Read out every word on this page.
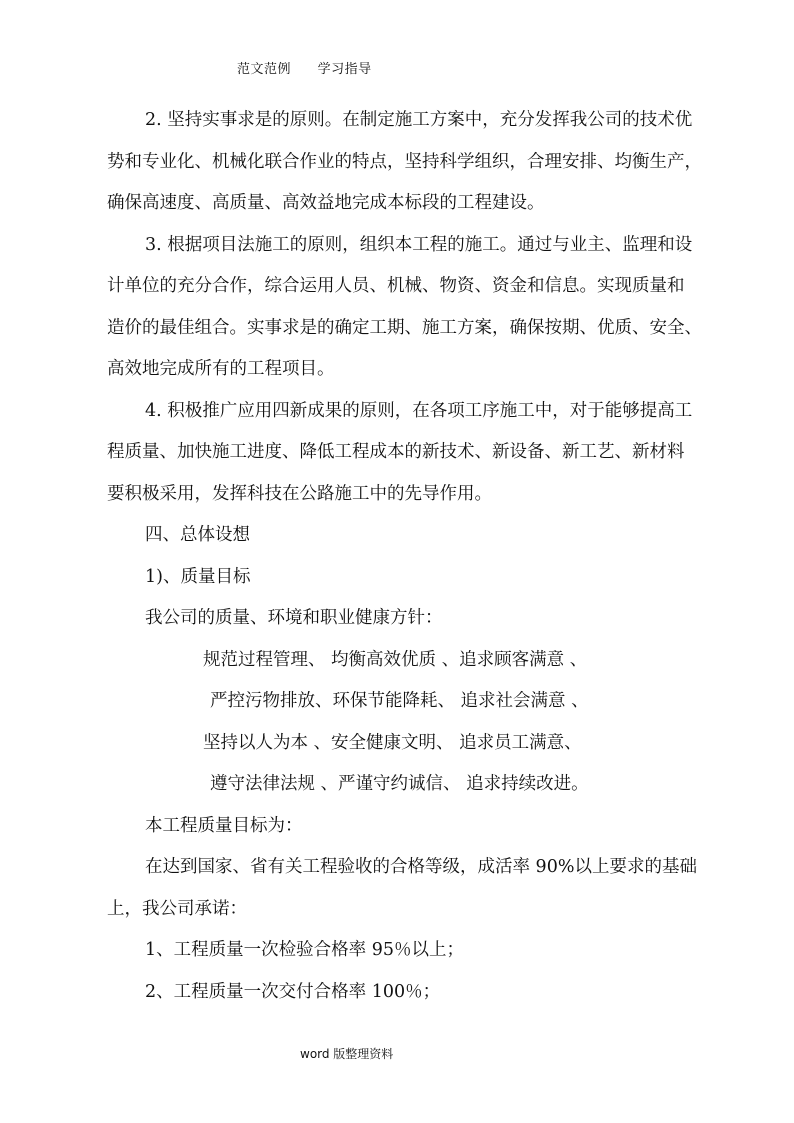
范文范例 学习指导
2. 坚持实事求是的原则。在制定施工方案中，充分发挥我公司的技术优
势和专业化、机械化联合作业的特点，坚持科学组织，合理安排、均衡生产，
确保高速度、高质量、高效益地完成本标段的工程建设。
3. 根据项目法施工的原则，组织本工程的施工。通过与业主、监理和设
计单位的充分合作，综合运用人员、机械、物资、资金和信息。实现质量和
造价的最佳组合。实事求是的确定工期、施工方案，确保按期、优质、安全、
高效地完成所有的工程项目。
4. 积极推广应用四新成果的原则，在各项工序施工中，对于能够提高工
程质量、加快施工进度、降低工程成本的新技术、新设备、新工艺、新材料
要积极采用，发挥科技在公路施工中的先导作用。
四、总体设想
1)、质量目标
我公司的质量、环境和职业健康方针：
规范过程管理、 均衡高效优质 、追求顾客满意 、
严控污物排放、环保节能降耗、 追求社会满意 、
坚持以人为本 、安全健康文明、 追求员工满意、
遵守法律法规 、严谨守约诚信、 追求持续改进。
本工程质量目标为：
在达到国家、省有关工程验收的合格等级，成活率 90%以上要求的基础
上，我公司承诺：
1、工程质量一次检验合格率 95％以上；
2、工程质量一次交付合格率 100％；
word 版整理资料
